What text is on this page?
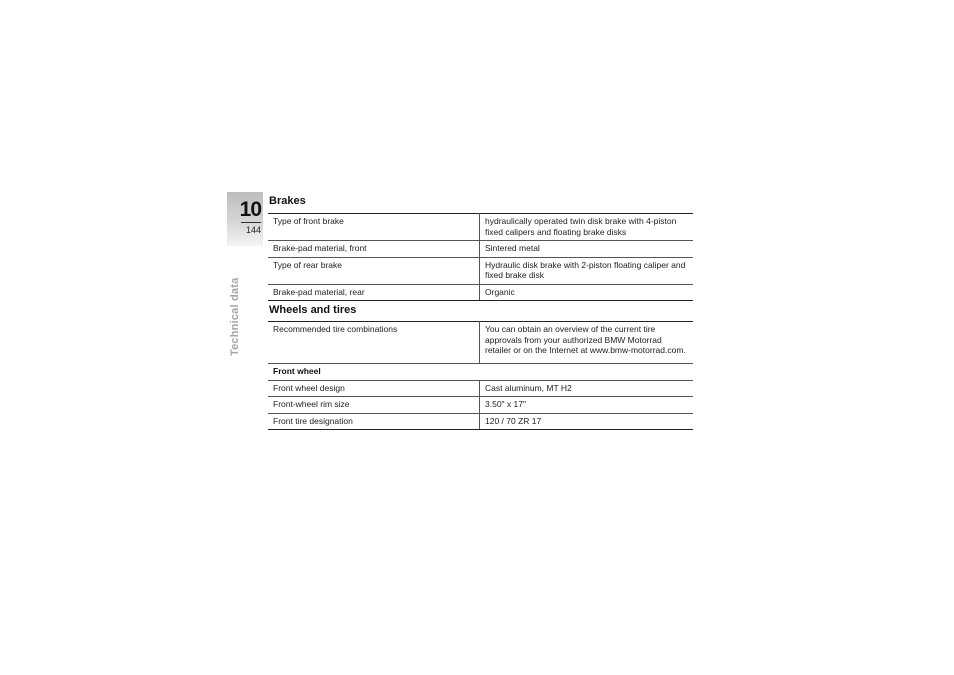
10
144
Technical data
Brakes
Type of front brake	hydraulically operated twin disk brake with 4-piston fixed calipers and floating brake disks
Brake-pad material, front	Sintered metal
Type of rear brake	Hydraulic disk brake with 2-piston floating caliper and fixed brake disk
Brake-pad material, rear	Organic
Wheels and tires
Recommended tire combinations	You can obtain an overview of the current tire approvals from your authorized BMW Motorrad retailer or on the Internet at www.bmw-motorrad.com.
Front wheel	
Front wheel design	Cast aluminum, MT H2
Front-wheel rim size	3.50" x 17"
Front tire designation	120 / 70 ZR 17
